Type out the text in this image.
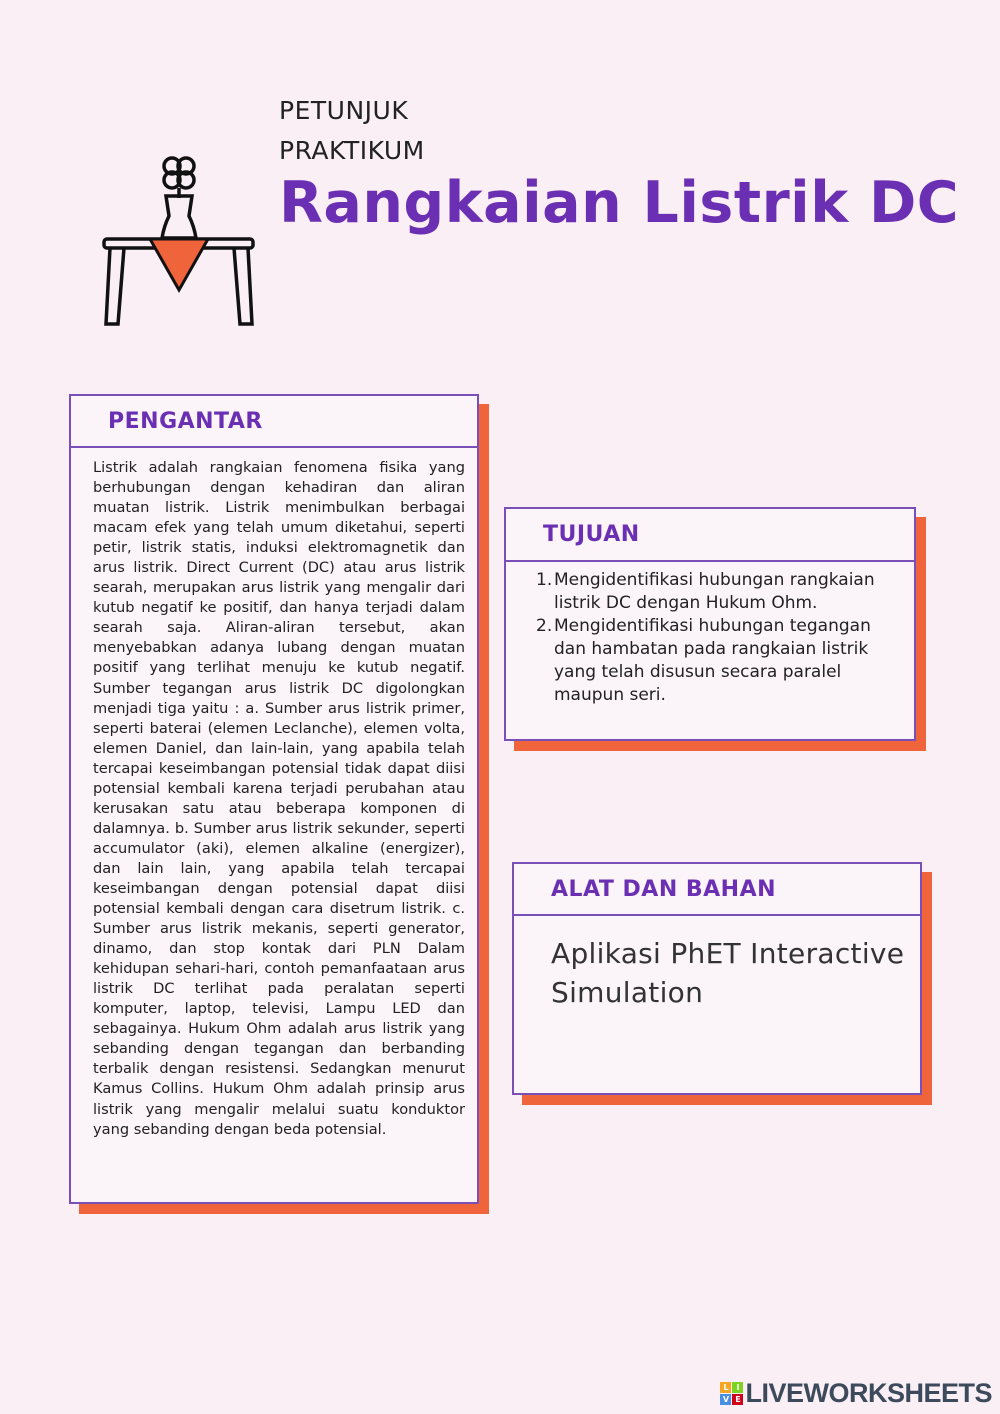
PETUNJUK
PRAKTIKUM
Rangkaian Listrik DC
PENGANTAR
Listrik adalah rangkaian fenomena fisika yang berhubungan dengan kehadiran dan aliran muatan listrik. Listrik menimbulkan berbagai macam efek yang telah umum diketahui, seperti petir, listrik statis, induksi elektromagnetik dan arus listrik. Direct Current (DC) atau arus listrik searah, merupakan arus listrik yang mengalir dari kutub negatif ke positif, dan hanya terjadi dalam searah saja. Aliran-aliran tersebut, akan menyebabkan adanya lubang dengan muatan positif yang terlihat menuju ke kutub negatif. Sumber tegangan arus listrik DC digolongkan menjadi tiga yaitu : a. Sumber arus listrik primer, seperti baterai (elemen Leclanche), elemen volta, elemen Daniel, dan lain-lain, yang apabila telah tercapai keseimbangan potensial tidak dapat diisi potensial kembali karena terjadi perubahan atau kerusakan satu atau beberapa komponen di dalamnya. b. Sumber arus listrik sekunder, seperti accumulator (aki), elemen alkaline (energizer), dan lain lain, yang apabila telah tercapai keseimbangan dengan potensial dapat diisi potensial kembali dengan cara disetrum listrik. c. Sumber arus listrik mekanis, seperti generator, dinamo, dan stop kontak dari PLN Dalam kehidupan sehari-hari, contoh pemanfaataan arus listrik DC terlihat pada peralatan seperti komputer, laptop, televisi, Lampu LED dan sebagainya. Hukum Ohm adalah arus listrik yang sebanding dengan tegangan dan berbanding terbalik dengan resistensi. Sedangkan menurut Kamus Collins. Hukum Ohm adalah prinsip arus listrik yang mengalir melalui suatu konduktor yang sebanding dengan beda potensial.
TUJUAN
1. Mengidentifikasi hubungan rangkaian listrik DC dengan Hukum Ohm.
2. Mengidentifikasi hubungan tegangan dan hambatan pada rangkaian listrik yang telah disusun secara paralel maupun seri.
ALAT DAN BAHAN
Aplikasi PhET Interactive Simulation
L I
V E LIVEWORKSHEETS
